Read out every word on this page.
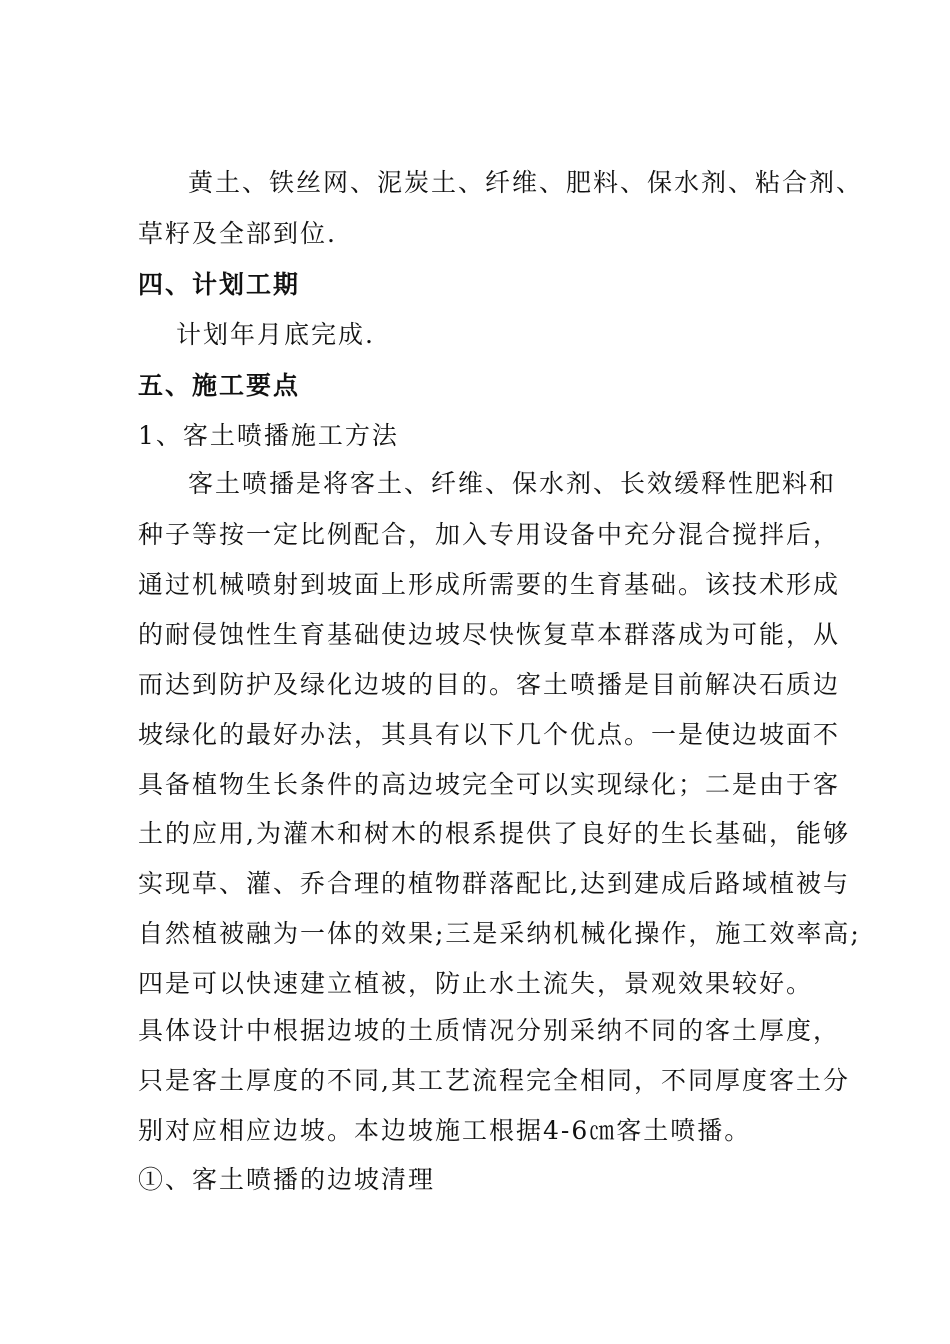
黄土、铁丝网、泥炭土、纤维、肥料、保水剂、粘合剂、
草籽及全部到位.
四、计划工期
计划年月底完成.
五、施工要点
1、客土喷播施工方法
客土喷播是将客土、纤维、保水剂、长效缓释性肥料和
种子等按一定比例配合，加入专用设备中充分混合搅拌后，
通过机械喷射到坡面上形成所需要的生育基础。该技术形成
的耐侵蚀性生育基础使边坡尽快恢复草本群落成为可能，从
而达到防护及绿化边坡的目的。客土喷播是目前解决石质边
坡绿化的最好办法，其具有以下几个优点。一是使边坡面不
具备植物生长条件的高边坡完全可以实现绿化；二是由于客
土的应用,为灌木和树木的根系提供了良好的生长基础，能够
实现草、灌、乔合理的植物群落配比,达到建成后路域植被与
自然植被融为一体的效果;三是采纳机械化操作，施工效率高;
四是可以快速建立植被，防止水土流失，景观效果较好。
具体设计中根据边坡的土质情况分别采纳不同的客土厚度，
只是客土厚度的不同,其工艺流程完全相同，不同厚度客土分
别对应相应边坡。本边坡施工根据4-6㎝客土喷播。
①、客土喷播的边坡清理
